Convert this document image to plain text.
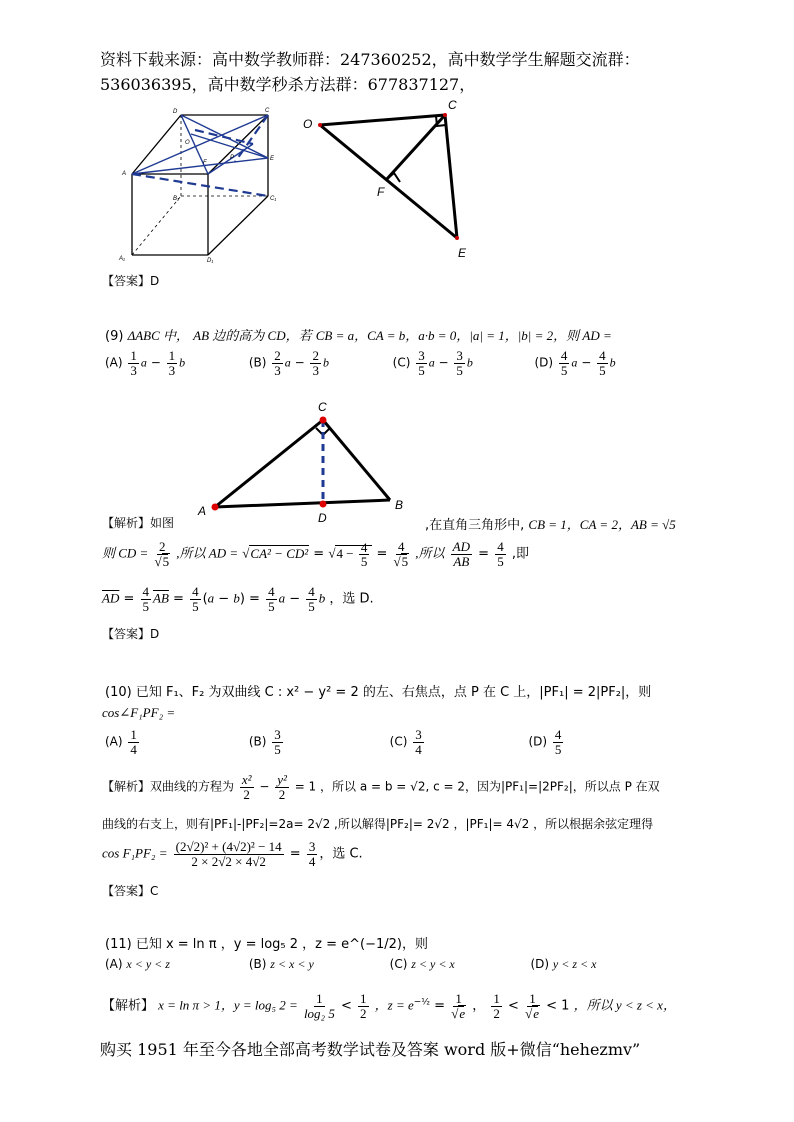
资料下载来源：高中数学教师群：247360252，高中数学学生解题交流群：
536036395，高中数学秒杀方法群：677837127，
D	C
A
O
F
P	E
B₁	C₁
A₁	D₁
O
C
F
E
【答案】D
(9) ΔABC 中， AB 边的高为 CD，若 CB = a，CA = b，a·b = 0，|a| = 1，|b| = 2，则 AD =
$(A) \frac{1}{3}$ $a - \frac{1}{3}$ b	$(B) \frac{2}{3}$ $a - \frac{2}{3}$ b	$(C) \frac{3}{5}$ $a - \frac{3}{5}$ b	$(D) \frac{4}{5}$ $a - \frac{4}{5}$ b
A	B
C
D
【解析】如图	,在直角三角形中, CB = 1，CA = 2，AB = √5
则 CD = $\frac{2}{√5}$ ,所以 AD = $√CA^2 - CD^2 = √4 - \frac{4}{5} = \frac{4}{√5}$ ,所以 $\frac{AD}{AB} = \frac{4}{5}$ ,即
$\overline{AD} = \frac{4}{5} \overline{AB} = \frac{4}{5} (a - b) = \frac{4}{5}$ $a - \frac{4}{5}$ b ，选 D.
【答案】D
(10) 已知 F₁、F₂ 为双曲线 C : x² − y² = 2 的左、右焦点，点 P 在 C 上，|PF₁| = 2|PF₂|，则
cos∠F₁PF₂ =
$(A) \frac{1}{4}$	$(B) \frac{3}{5}$	$(C) \frac{3}{4}$	$(D) \frac{4}{5}$
【解析】双曲线的方程为 $\frac{\text{x²}}{2} - \frac{\text{y²}}{2} = 1$ ，所以 a = b = √2, c = 2，因为|PF₁|=|2PF₂|，所以点 P 在双
曲线的右支上，则有|PF₁|-|PF₂|=2a= 2√2 ,所以解得|PF₂|= 2√2 ，|PF₁|= 4√2 ，所以根据余弦定理得
$\cos F_1PF_2 = \frac{\text{(2√2)² + (4√2)² − 14}}{2 \times 2√2 \times 4√2} = \frac{3}{4}$ ，选 C.
【答案】C
(11) 已知 x = ln π ，y = log₅ 2 ，z = e^(−1/2)，则
(A) x < y < z	(B) z < x < y	(C) z < y < x	(D) y < z < x
【解析】 x = ln π > 1，y = log₅ $2 = \frac{1}{\text{log₂ 5}} < \frac{1}{2}$ ，$z = e^{-\frac{1}{2}} = \frac{1}{√e}$ ， $\frac{1}{2} < \frac{1}{√e} < 1$ ，所以 y < z < x，
购买 1951 年至今各地全部高考数学试卷及答案 word 版+微信“hehezmv”
